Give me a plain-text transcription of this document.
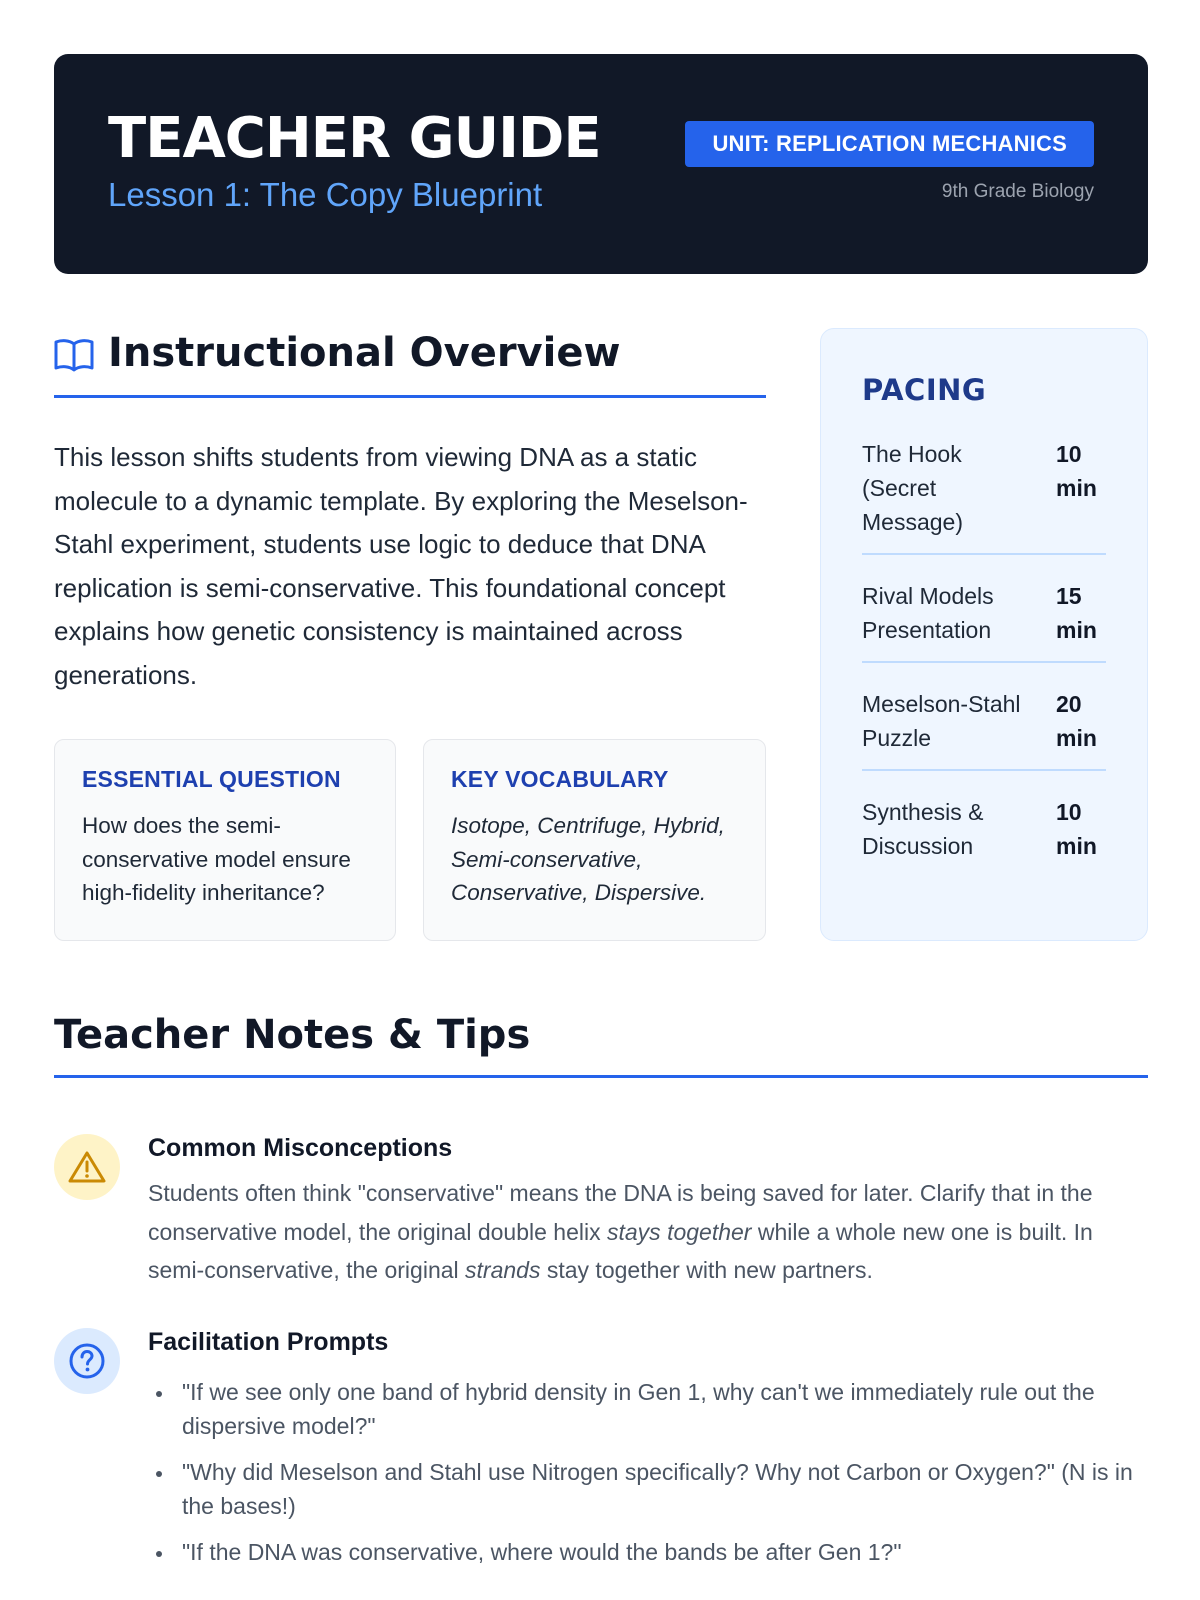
TEACHER GUIDE
Lesson 1: The Copy Blueprint
UNIT: REPLICATION MECHANICS
9th Grade Biology
Instructional Overview

This lesson shifts students from viewing DNA as a static molecule to a dynamic template. By exploring the Meselson-Stahl experiment, students use logic to deduce that DNA replication is semi-conservative. This foundational concept explains how genetic consistency is maintained across generations.

ESSENTIAL QUESTION
How does the semi-conservative model ensure high-fidelity inheritance?
KEY VOCABULARY
Isotope, Centrifuge, Hybrid, Semi-conservative, Conservative, Dispersive.
PACING
The Hook (Secret Message)
10 min
Rival Models Presentation
15 min
Meselson-Stahl Puzzle
20 min
Synthesis & Discussion
10 min
Teacher Notes & Tips
Common Misconceptions

Students often think "conservative" means the DNA is being saved for later. Clarify that in the conservative model, the original double helix stays together while a whole new one is built. In semi-conservative, the original strands stay together with new partners.

Facilitation Prompts
"If we see only one band of hybrid density in Gen 1, why can't we immediately rule out the dispersive model?"
"Why did Meselson and Stahl use Nitrogen specifically? Why not Carbon or Oxygen?" (N is in the bases!)
"If the DNA was conservative, where would the bands be after Gen 1?"
